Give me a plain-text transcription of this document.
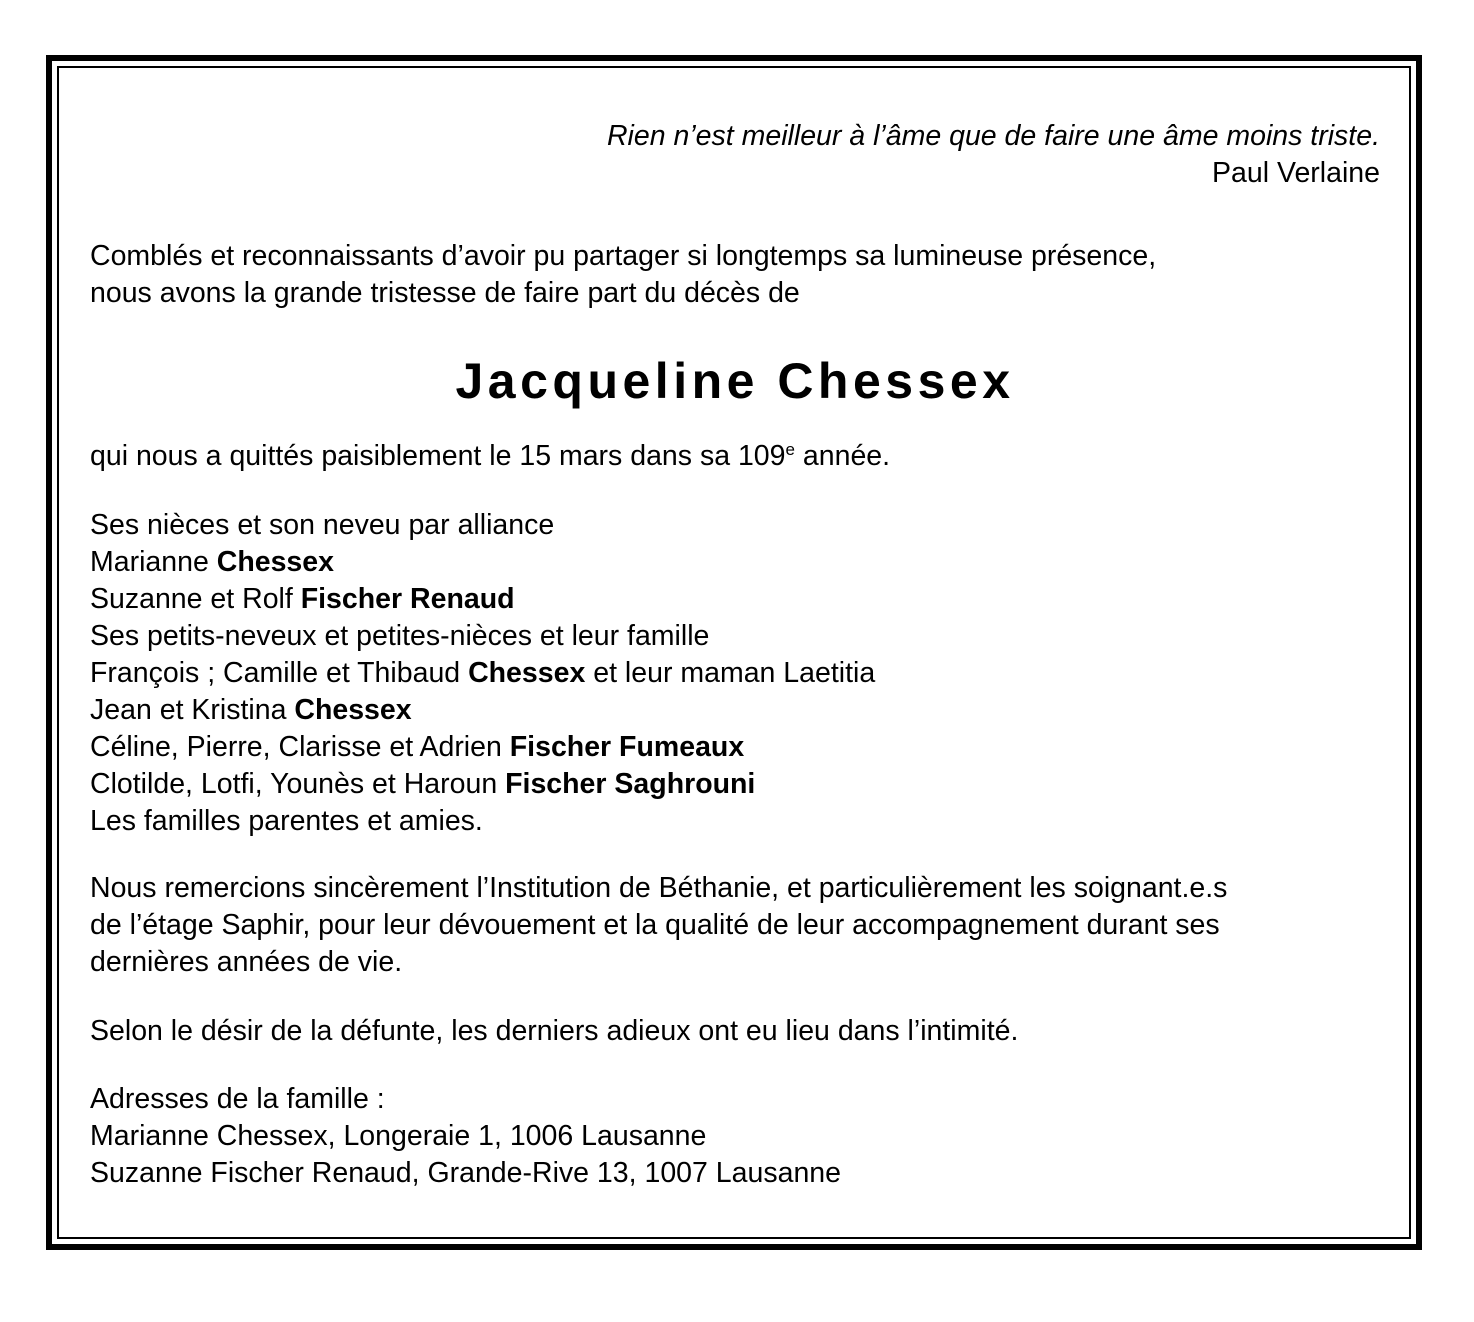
Rien n’est meilleur à l’âme que de faire une âme moins triste.
Paul Verlaine
Comblés et reconnaissants d’avoir pu partager si longtemps sa lumineuse présence,
nous avons la grande tristesse de faire part du décès de
Jacqueline Chessex
qui nous a quittés paisiblement le 15 mars dans sa 109e année.
Ses nièces et son neveu par alliance
Marianne Chessex
Suzanne et Rolf Fischer Renaud
Ses petits-neveux et petites-nièces et leur famille
François ; Camille et Thibaud Chessex et leur maman Laetitia
Jean et Kristina Chessex
Céline, Pierre, Clarisse et Adrien Fischer Fumeaux
Clotilde, Lotfi, Younès et Haroun Fischer Saghrouni
Les familles parentes et amies.
Nous remercions sincèrement l’Institution de Béthanie, et particulièrement les soignant.e.s
de l’étage Saphir, pour leur dévouement et la qualité de leur accompagnement durant ses
dernières années de vie.
Selon le désir de la défunte, les derniers adieux ont eu lieu dans l’intimité.
Adresses de la famille :
Marianne Chessex, Longeraie 1, 1006 Lausanne
Suzanne Fischer Renaud, Grande-Rive 13, 1007 Lausanne
